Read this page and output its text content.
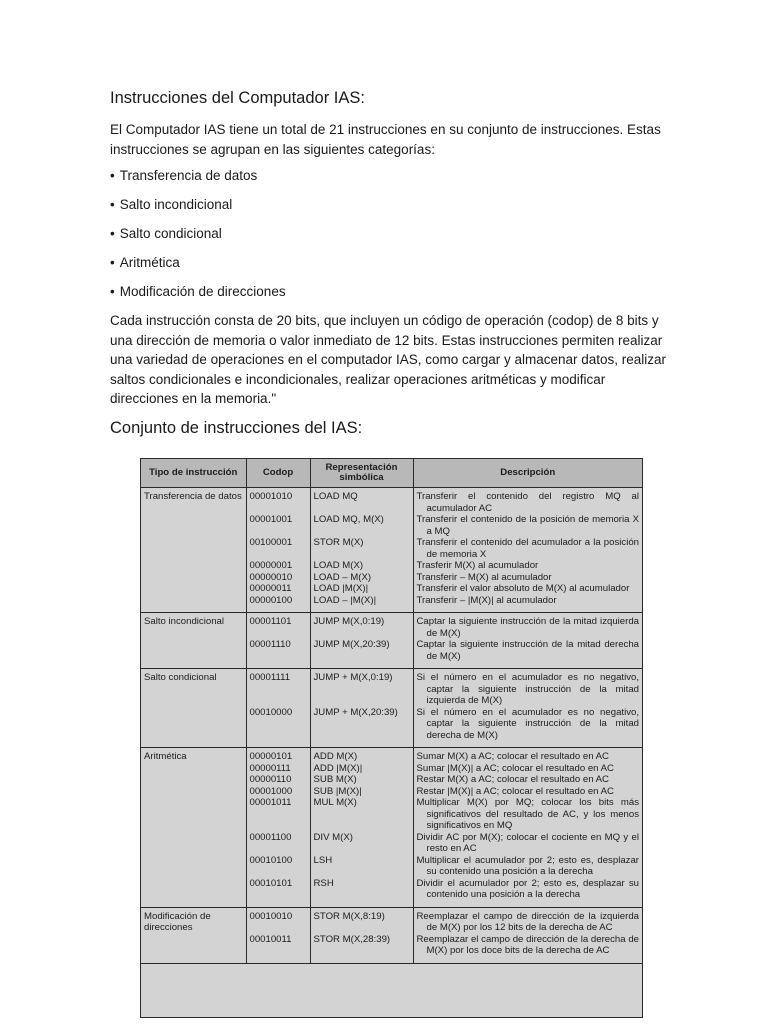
Instrucciones del Computador IAS:
El Computador IAS tiene un total de 21 instrucciones en su conjunto de instrucciones. Estas instrucciones se agrupan en las siguientes categorías:
• Transferencia de datos
• Salto incondicional
• Salto condicional
• Aritmética
• Modificación de direcciones
Cada instrucción consta de 20 bits, que incluyen un código de operación (codop) de 8 bits y una dirección de memoria o valor inmediato de 12 bits. Estas instrucciones permiten realizar una variedad de operaciones en el computador IAS, como cargar y almacenar datos, realizar saltos condicionales e incondicionales, realizar operaciones aritméticas y modificar direcciones en la memoria."
Conjunto de instrucciones del IAS:
Tipo de instrucción	Codop	Representación simbólica	Descripción
Transferencia de datos	00001010	LOAD MQ	Transferir el contenido del registro MQ al acumulador AC

	00001001	LOAD MQ, M(X)	Transferir el contenido de la posición de memoria X a MQ

	00100001	STOR M(X)	Transferir el contenido del acumulador a la posición de memoria X

	00000001	LOAD M(X)	Trasferir M(X) al acumulador

	00000010	LOAD – M(X)	Transferir – M(X) al acumulador

	00000011	LOAD |M(X)|	Transferir el valor absoluto de M(X) al acumulador

	00000100	LOAD – |M(X)|	Transferir – |M(X)| al acumulador

Salto incondicional	00001101	JUMP M(X,0:19)	Captar la siguiente instrucción de la mitad izquierda de M(X)

	00001110	JUMP M(X,20:39)	Captar la siguiente instrucción de la mitad derecha de M(X)

Salto condicional	00001111	JUMP + M(X,0:19)	Si el número en el acumulador es no negativo, captar la siguiente instrucción de la mitad izquierda de M(X)

	00010000	JUMP + M(X,20:39)	Si el número en el acumulador es no negativo, captar la siguiente instrucción de la mitad derecha de M(X)

Aritmética	00000101	ADD M(X)	Sumar M(X) a AC; colocar el resultado en AC

	00000111	ADD |M(X)|	Sumar |M(X)| a AC; colocar el resultado en AC

	00000110	SUB M(X)	Restar M(X) a AC; colocar el resultado en AC

	00001000	SUB |M(X)|	Restar |M(X)| a AC; colocar el resultado en AC

	00001011	MUL M(X)	Multiplicar M(X) por MQ; colocar los bits más significativos del resultado de AC, y los menos significativos en MQ

	00001100	DIV M(X)	Dividir AC por M(X); colocar el cociente en MQ y el resto en AC

	00010100	LSH	Multiplicar el acumulador por 2; esto es, desplazar su contenido una posición a la derecha

	00010101	RSH	Dividir el acumulador por 2; esto es, desplazar su contenido una posición a la derecha

Modificación de direcciones	00010010	STOR M(X,8:19)	Reemplazar el campo de dirección de la izquierda de M(X) por los 12 bits de la derecha de AC

	00010011	STOR M(X,28:39)	Reemplazar el campo de dirección de la derecha de M(X) por los doce bits de la derecha de AC
